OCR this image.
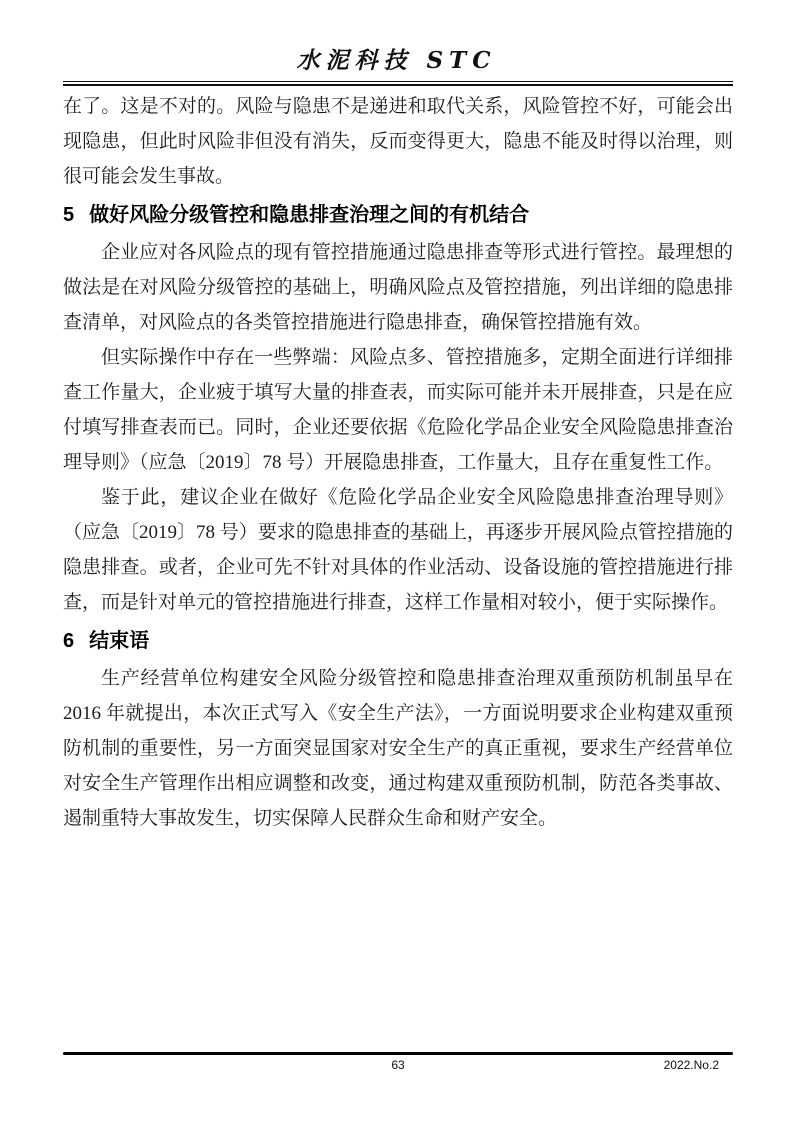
水泥科技 STC

在了。这是不对的。风险与隐患不是递进和取代关系，风险管控不好，可能会出现隐患，但此时风险非但没有消失，反而变得更大，隐患不能及时得以治理，则很可能会发生事故。

5 做好风险分级管控和隐患排查治理之间的有机结合

企业应对各风险点的现有管控措施通过隐患排查等形式进行管控。最理想的做法是在对风险分级管控的基础上，明确风险点及管控措施，列出详细的隐患排查清单，对风险点的各类管控措施进行隐患排查，确保管控措施有效。

但实际操作中存在一些弊端：风险点多、管控措施多，定期全面进行详细排查工作量大，企业疲于填写大量的排查表，而实际可能并未开展排查，只是在应付填写排查表而已。同时，企业还要依据《危险化学品企业安全风险隐患排查治理导则》（应急〔2019〕78 号）开展隐患排查，工作量大，且存在重复性工作。

鉴于此，建议企业在做好《危险化学品企业安全风险隐患排查治理导则》（应急〔2019〕78 号）要求的隐患排查的基础上，再逐步开展风险点管控措施的隐患排查。或者，企业可先不针对具体的作业活动、设备设施的管控措施进行排查，而是针对单元的管控措施进行排查，这样工作量相对较小，便于实际操作。

6 结束语

生产经营单位构建安全风险分级管控和隐患排查治理双重预防机制虽早在2016 年就提出，本次正式写入《安全生产法》，一方面说明要求企业构建双重预防机制的重要性，另一方面突显国家对安全生产的真正重视，要求生产经营单位对安全生产管理作出相应调整和改变，通过构建双重预防机制，防范各类事故、遏制重特大事故发生，切实保障人民群众生命和财产安全。

63	2022.No.2
